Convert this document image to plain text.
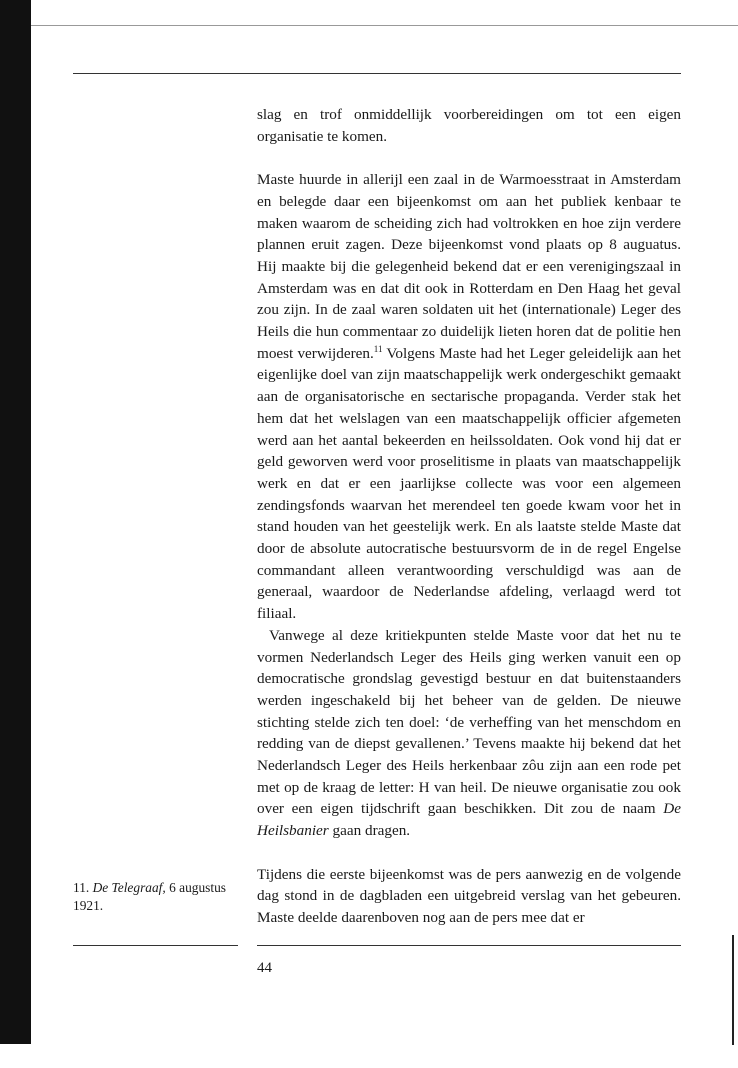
slag en trof onmiddellijk voorbereidingen om tot een eigen organisatie te komen.

Maste huurde in allerijl een zaal in de Warmoesstraat in Amsterdam en belegde daar een bijeenkomst om aan het publiek kenbaar te maken waarom de scheiding zich had voltrokken en hoe zijn verdere plannen eruit zagen. Deze bijeenkomst vond plaats op 8 auguatus. Hij maakte bij die gelegenheid bekend dat er een verenigingszaal in Amsterdam was en dat dit ook in Rotterdam en Den Haag het geval zou zijn. In de zaal waren soldaten uit het (internationale) Leger des Heils die hun commentaar zo duidelijk lieten horen dat de politie hen moest verwijderen.$^{11}$ Volgens Maste had het Leger geleidelijk aan het eigenlijke doel van zijn maatschappelijk werk ondergeschikt gemaakt aan de organisatorische en sectarische propaganda. Verder stak het hem dat het welslagen van een maatschappelijk officier afgemeten werd aan het aantal bekeerden en heilssoldaten. Ook vond hij dat er geld geworven werd voor proselitisme in plaats van maatschappelijk werk en dat er een jaarlijkse collecte was voor een algemeen zendingsfonds waarvan het merendeel ten goede kwam voor het in stand houden van het geestelijk werk. En als laatste stelde Maste dat door de absolute autocratische bestuursvorm de in de regel Engelse commandant alleen verantwoording verschuldigd was aan de generaal, waardoor de Nederlandse afdeling, verlaagd werd tot filiaal.

Vanwege al deze kritiekpunten stelde Maste voor dat het nu te vormen Nederlandsch Leger des Heils ging werken vanuit een op democratische grondslag gevestigd bestuur en dat buitenstaanders werden ingeschakeld bij het beheer van de gelden. De nieuwe stichting stelde zich ten doel: ‘de verheffing van het menschdom en redding van de diepst gevallenen.’ Tevens maakte hij bekend dat het Nederlandsch Leger des Heils herkenbaar zôu zijn aan een rode pet met op de kraag de letter: H van heil. De nieuwe organisatie zou ook over een eigen tijdschrift gaan beschikken. Dit zou de naam De Heilsbanier gaan dragen.

Tijdens die eerste bijeenkomst was de pers aanwezig en de volgende dag stond in de dagbladen een uitgebreid verslag van het gebeuren. Maste deelde daarenboven nog aan de pers mee dat er

11. De Telegraaf, 6 augustus 1921.
44
